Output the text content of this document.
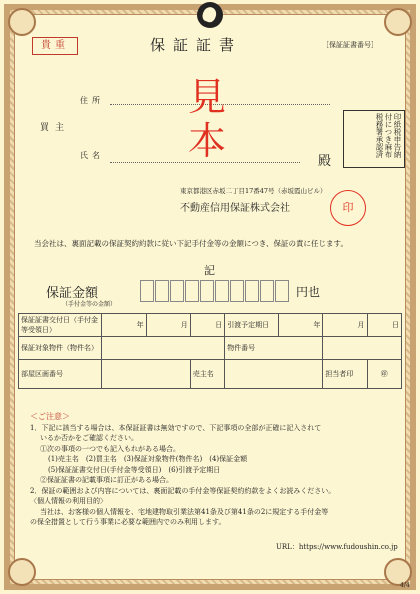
貴重	保証証書	［保証証書番号］
住所
買主
氏名	殿
見本	印紙税申告納付につき麻布税務署承認済
東京都港区赤坂二丁目17番47号（赤坂霞山ビル）
不動産信用保証株式会社	印
当会社は、裏面記載の保証契約約款に従い下記手付金等の金額につき、保証の責に任じます。
記
保証金額
（手付金等の金額）
円也
保証証書交付日（手付金等受領日）	年	月	日	引渡予定期日	年	月	日
保証対象物件（物件名）				物件番号			
部屋区画番号			売主名			担当者印	㊞
＜ご注意＞
1．下記に該当する場合は、本保証証書は無効ですので、下記事項の全部が正確に記入されて
いるか否かをご確認ください。
①次の事項の一つでも記入もれがある場合。
(1)売主名　(2)買主名　(3)保証対象物件(物件名)　(4)保証金額
(5)保証証書交付日(手付金等受領日)　(6)引渡予定期日
②保証証書の記載事項に訂正がある場合。
2．保証の範囲および内容については、裏面記載の手付金等保証契約約款をよくお読みください。
〈個人情報の利用目的〉
当社は、お客様の個人情報を、宅地建物取引業法第41条及び第41条の2に規定する手付金等
の保全措置として行う事業に必要な範囲内でのみ利用します。
URL：https://www.fudoushin.co.jp
4/4
